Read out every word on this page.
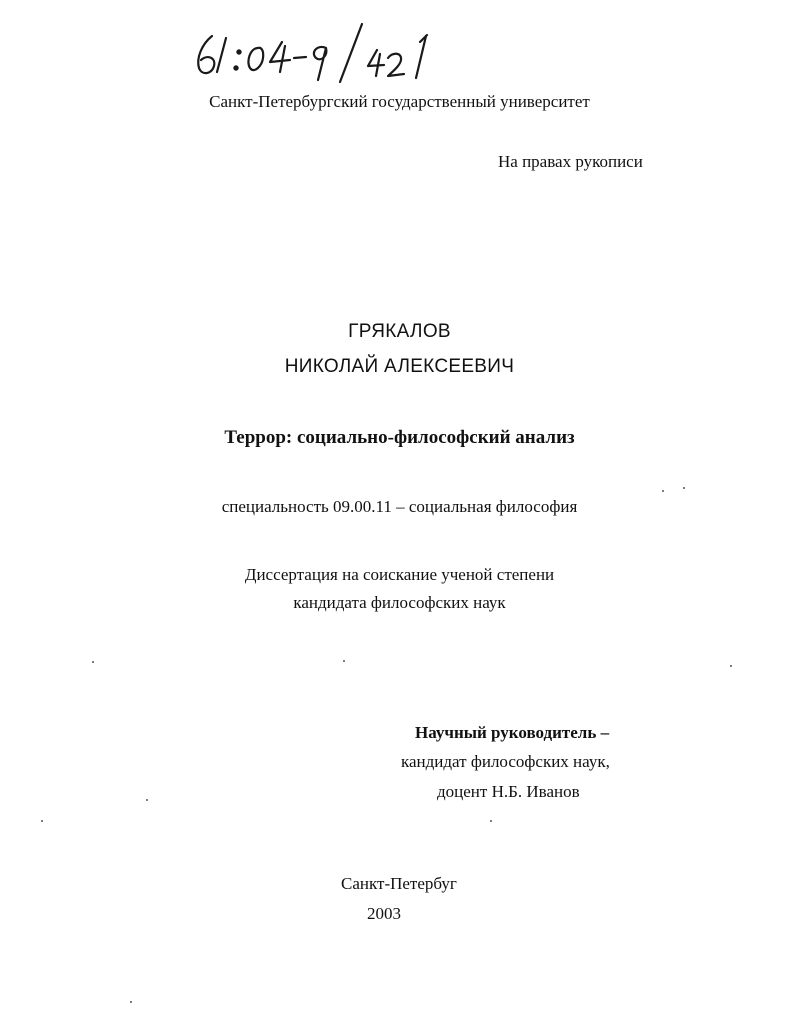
Санкт-Петербургский государственный университет
На правах рукописи
ГРЯКАЛОВ
НИКОЛАЙ АЛЕКСЕЕВИЧ
Террор: социально-философский анализ
специальность 09.00.11 – социальная философия
Диссертация на соискание ученой степени
кандидата философских наук
Научный руководитель –
кандидат философских наук,
доцент Н.Б. Иванов
Санкт-Петербуг
2003
